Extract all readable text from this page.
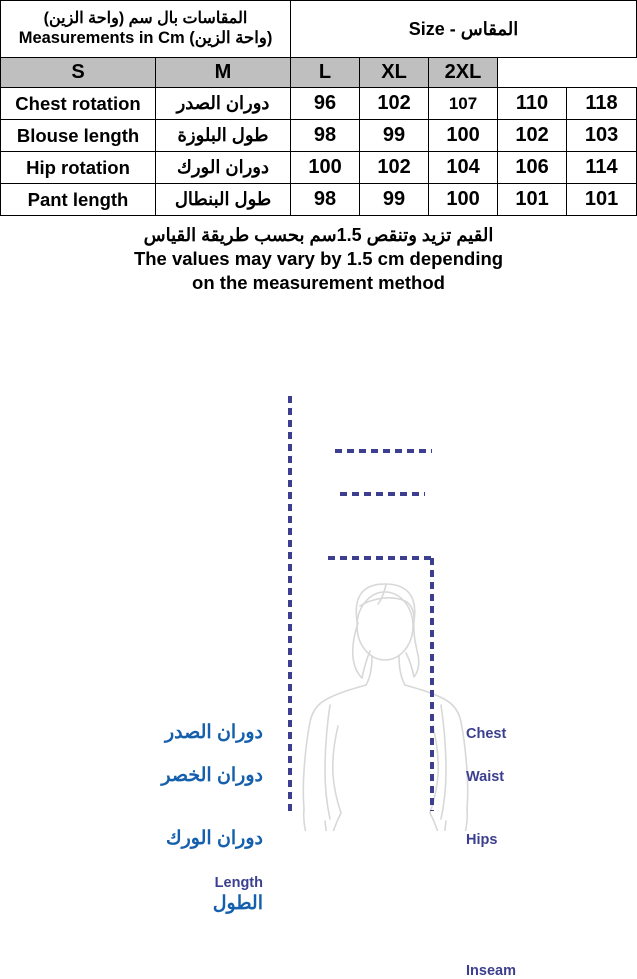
المقاسات بال سم (واحة الزين)
Measurements in Cm (واحة الزين)		Size - المقاس				
S	M	L	XL	2XL		
Chest rotation	دوران الصدر	96	102	107	110	118
Blouse length	طول البلوزة	98	99	100	102	103
Hip rotation	دوران الورك	100	102	104	106	114
Pant length	طول البنطال	98	99	100	101	101
القيم تزيد وتنقص 1.5سم بحسب طريقة القياس
The values may vary by 1.5 cm depending
on the measurement method
دوران الصدر
دوران الخصر
دوران الورك
Length
الطول
Chest
Waist
Hips
Inseam
